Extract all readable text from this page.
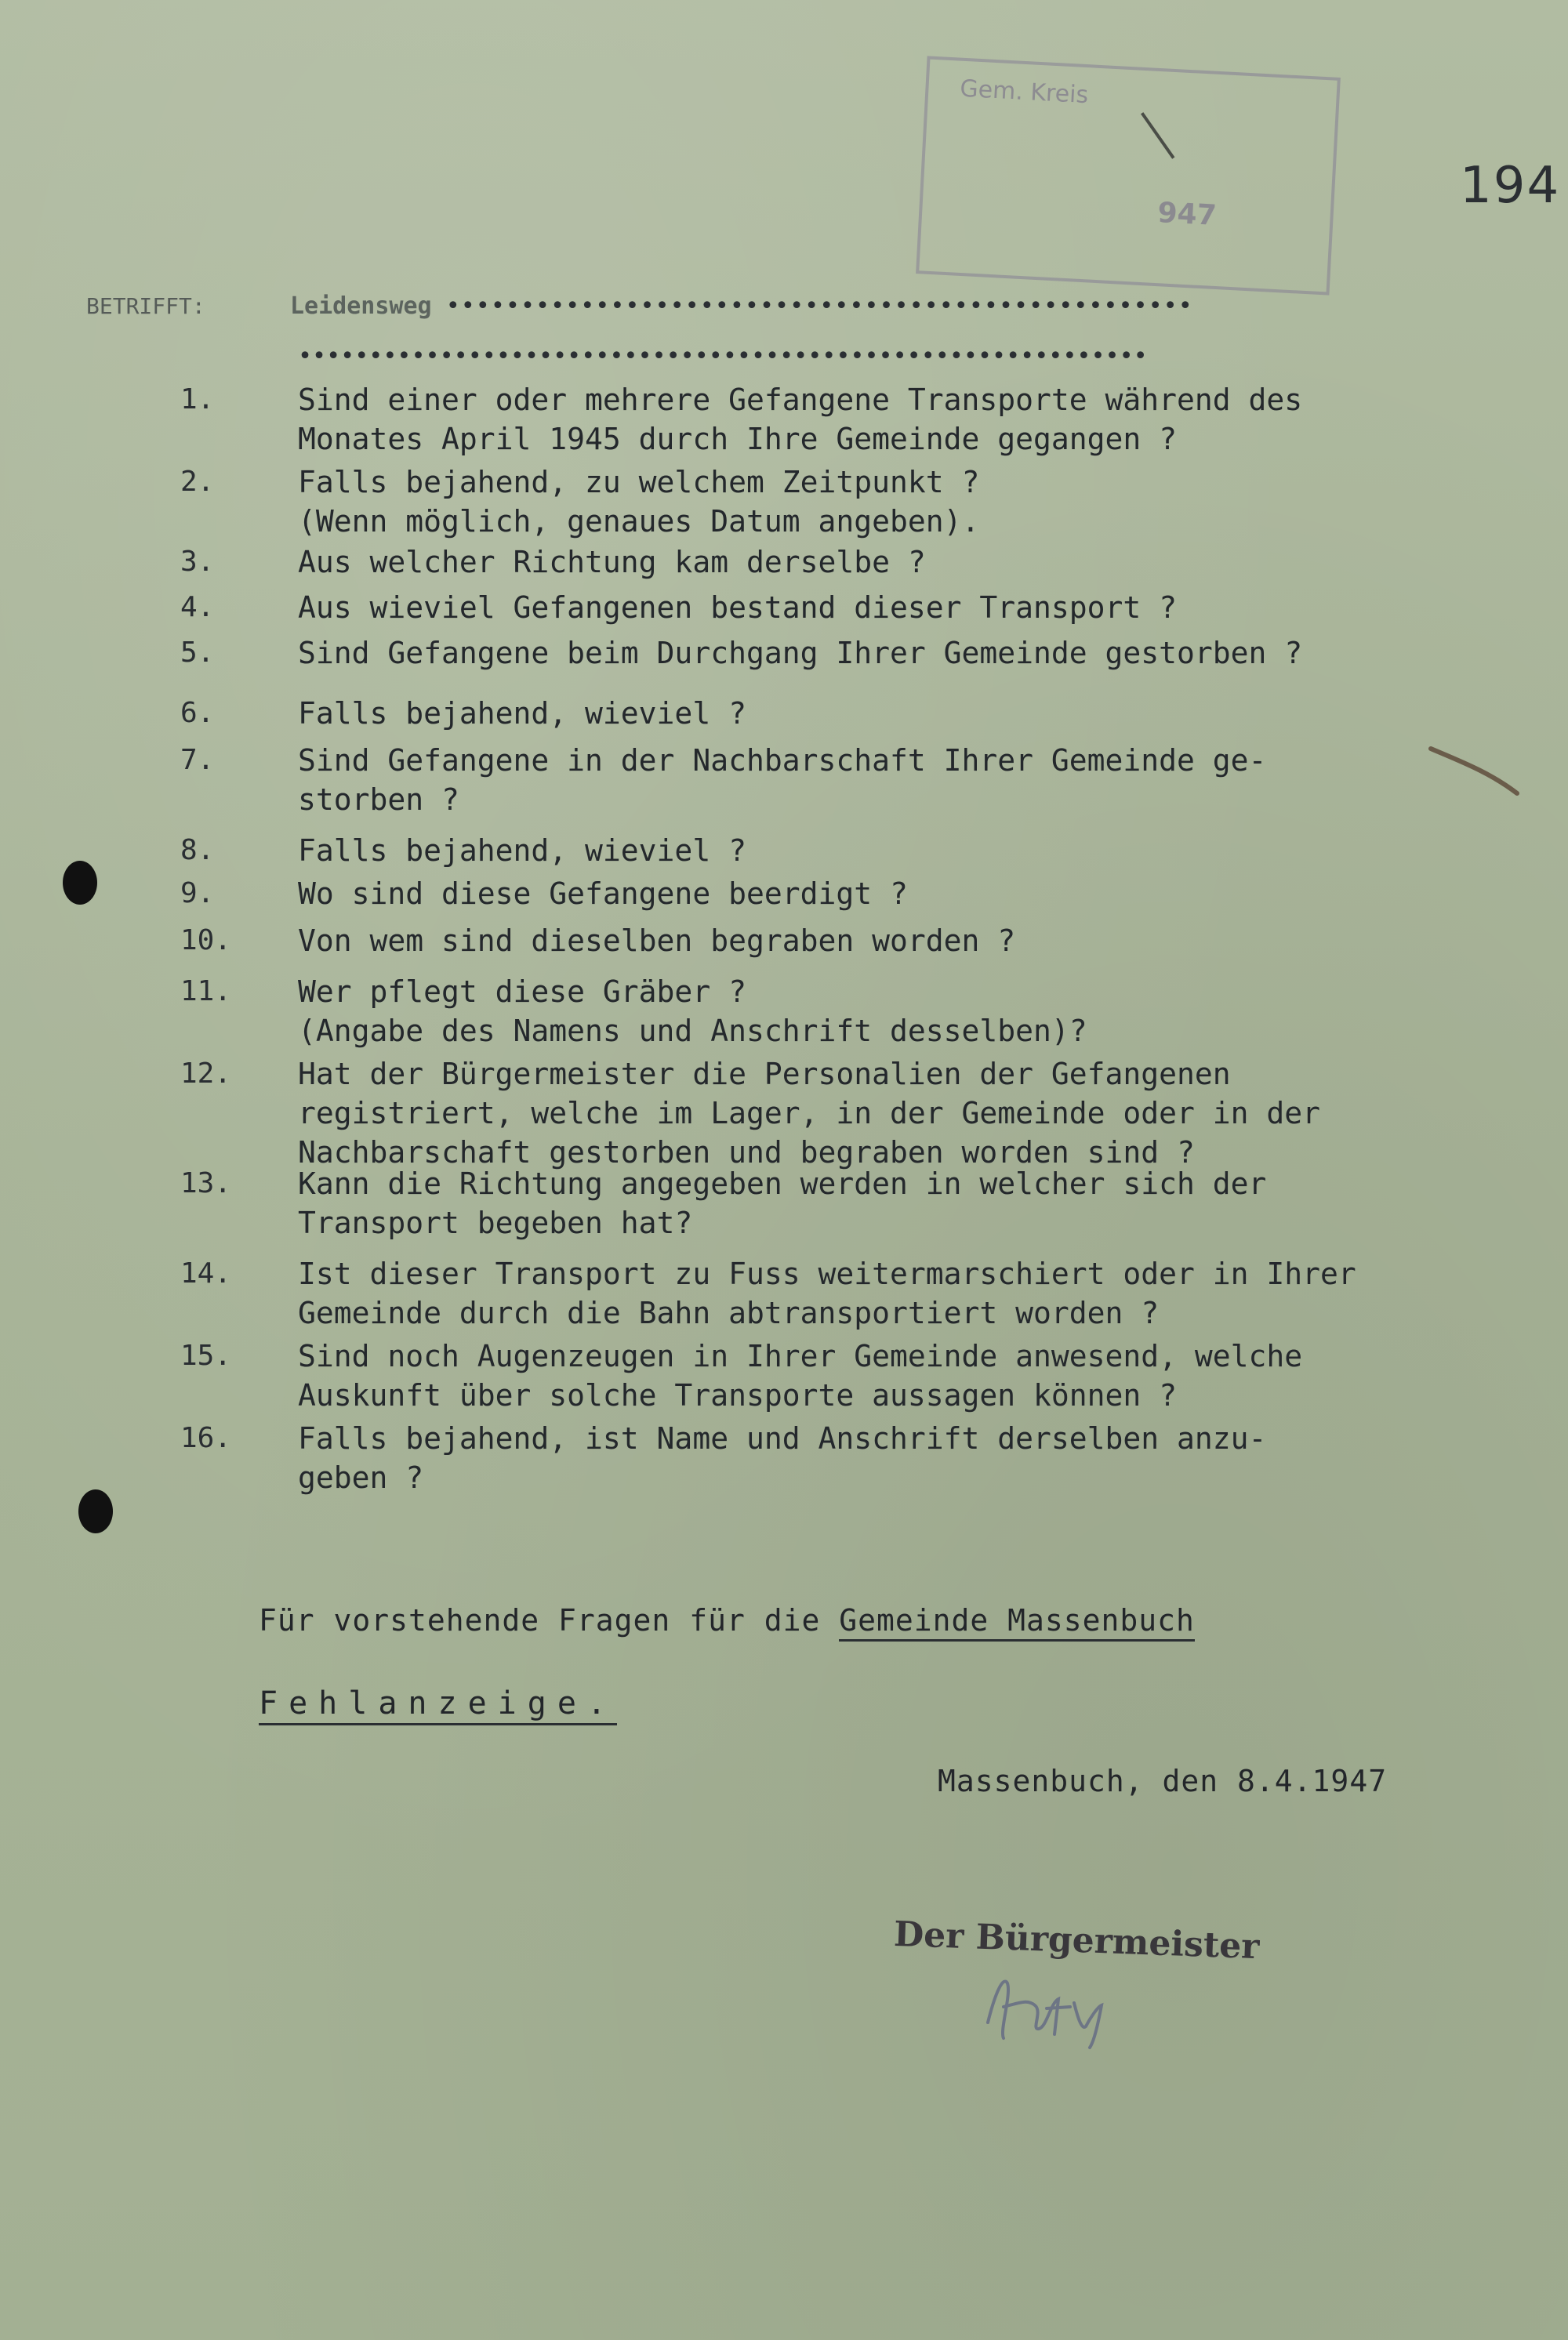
194
Gem. Kreis
947
BETRIFFT:	Leidensweg ••••••••••••••••••••••••••••••••••••••••••••••••••
••••••••••••••••••••••••••••••••••••••••••••••••••••••••••••
1.	Sind einer oder mehrere Gefangene Transporte während des
Monates April 1945 durch Ihre Gemeinde gegangen ?
2.	Falls bejahend, zu welchem Zeitpunkt ?
(Wenn möglich, genaues Datum angeben).
3.	Aus welcher Richtung kam derselbe ?
4.	Aus wieviel Gefangenen bestand dieser Transport ?
5.	Sind Gefangene beim Durchgang Ihrer Gemeinde gestorben ?
6.	Falls bejahend, wieviel ?
7.	Sind Gefangene in der Nachbarschaft Ihrer Gemeinde ge-
storben ?
8.	Falls bejahend, wieviel ?
9.	Wo sind diese Gefangene beerdigt ?
10.	Von wem sind dieselben begraben worden ?
11.	Wer pflegt diese Gräber ?
(Angabe des Namens und Anschrift desselben)?
12.	Hat der Bürgermeister die Personalien der Gefangenen
registriert, welche im Lager, in der Gemeinde oder in der
Nachbarschaft gestorben und begraben worden sind ?
13.	Kann die Richtung angegeben werden in welcher sich der
Transport begeben hat?
14.	Ist dieser Transport zu Fuss weitermarschiert oder in Ihrer
Gemeinde durch die Bahn abtransportiert worden ?
15.	Sind noch Augenzeugen in Ihrer Gemeinde anwesend, welche
Auskunft über solche Transporte aussagen können ?
16.	Falls bejahend, ist Name und Anschrift derselben anzu-
geben ?
Für vorstehende Fragen für die Gemeinde Massenbuch
Fehlanzeige.
Massenbuch, den 8.4.1947
Der Bürgermeister
